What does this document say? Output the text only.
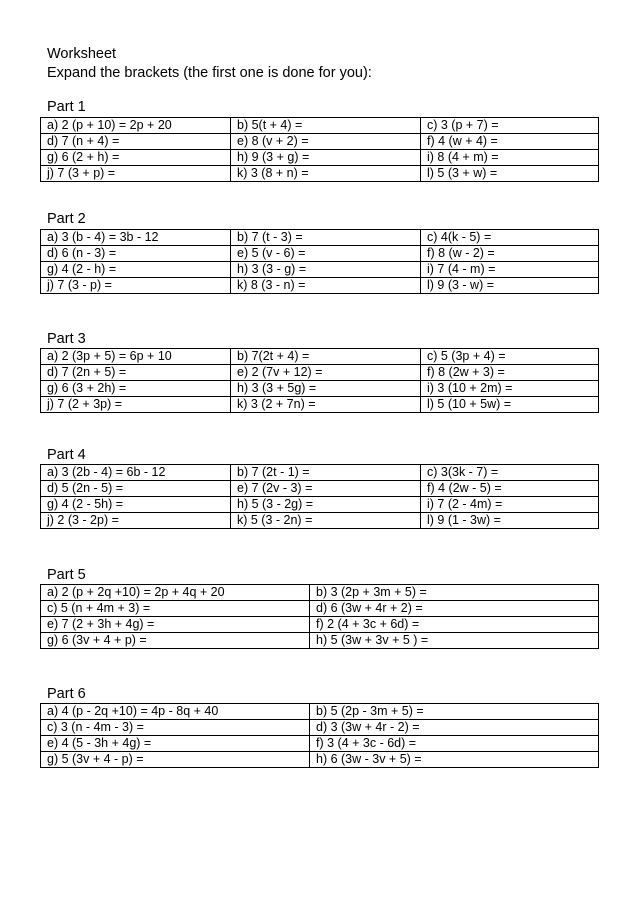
Worksheet
Expand the brackets (the first one is done for you):
Part 1
a) 2 (p + 10) = 2p + 20	b) 5(t + 4) =	c) 3 (p + 7) =
d) 7 (n + 4) =	e) 8 (v + 2) =	f) 4 (w + 4) =
g) 6 (2 + h) =	h) 9 (3 + g) =	i) 8 (4 + m) =
j) 7 (3 + p) =	k) 3 (8 + n) =	l) 5 (3 + w) =
Part 2
a) 3 (b - 4) = 3b - 12	b) 7 (t - 3) =	c) 4(k - 5) =
d) 6 (n - 3) =	e) 5 (v - 6) =	f) 8 (w - 2) =
g) 4 (2 - h) =	h) 3 (3 - g) =	i) 7 (4 - m) =
j) 7 (3 - p) =	k) 8 (3 - n) =	l) 9 (3 - w) =
Part 3
a) 2 (3p + 5) = 6p + 10	b) 7(2t + 4) =	c) 5 (3p + 4) =
d) 7 (2n + 5) =	e) 2 (7v + 12) =	f) 8 (2w + 3) =
g) 6 (3 + 2h) =	h) 3 (3 + 5g) =	i) 3 (10 + 2m) =
j) 7 (2 + 3p) =	k) 3 (2 + 7n) =	l) 5 (10 + 5w) =
Part 4
a) 3 (2b - 4) = 6b - 12	b) 7 (2t - 1) =	c) 3(3k - 7) =
d) 5 (2n - 5) =	e) 7 (2v - 3) =	f) 4 (2w - 5) =
g) 4 (2 - 5h) =	h) 5 (3 - 2g) =	i) 7 (2 - 4m) =
j) 2 (3 - 2p) =	k) 5 (3 - 2n) =	l) 9 (1 - 3w) =
Part 5
a) 2 (p + 2q +10) = 2p + 4q + 20	b) 3 (2p + 3m + 5) =
c) 5 (n + 4m + 3) =	d) 6 (3w + 4r + 2) =
e) 7 (2 + 3h + 4g) =	f) 2 (4 + 3c + 6d) =
g) 6 (3v + 4 + p) =	h) 5 (3w + 3v + 5 ) =
Part 6
a) 4 (p - 2q +10) = 4p - 8q + 40	b) 5 (2p - 3m + 5) =
c) 3 (n - 4m - 3) =	d) 3 (3w + 4r - 2) =
e) 4 (5 - 3h + 4g) =	f) 3 (4 + 3c - 6d) =
g) 5 (3v + 4 - p) =	h) 6 (3w - 3v + 5) =
